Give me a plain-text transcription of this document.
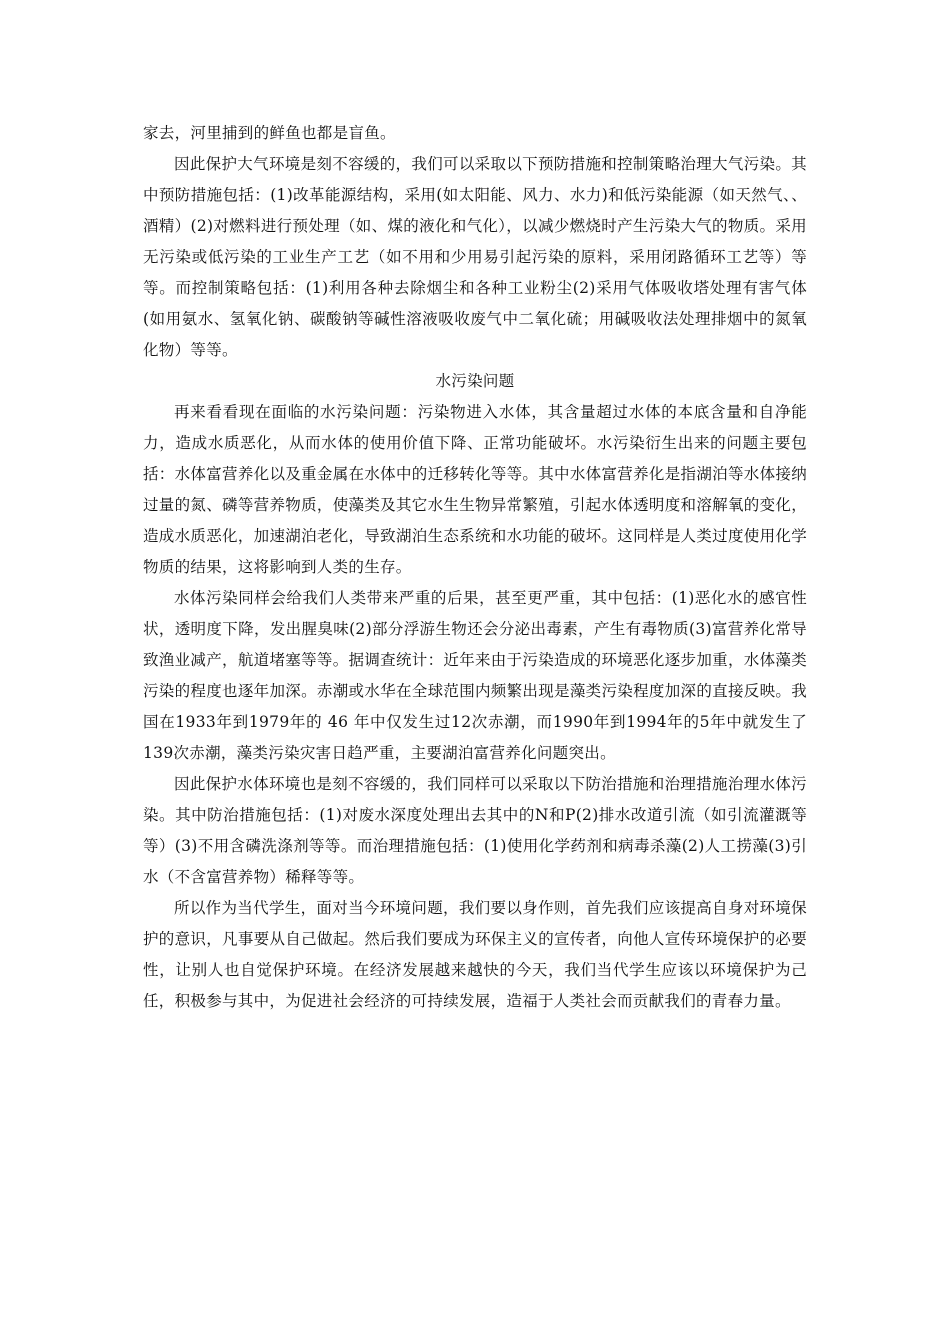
家去，河里捕到的鲜鱼也都是盲鱼。

因此保护大气环境是刻不容缓的，我们可以采取以下预防措施和控制策略治理大气污染。其中预防措施包括：(1)改革能源结构，采用(如太阳能、风力、水力)和低污染能源（如天然气、、酒精）(2)对燃料进行预处理（如、煤的液化和气化），以减少燃烧时产生污染大气的物质。采用无污染或低污染的工业生产工艺（如不用和少用易引起污染的原料，采用闭路循环工艺等）等等。而控制策略包括：(1)利用各种去除烟尘和各种工业粉尘(2)采用气体吸收塔处理有害气体(如用氨水、氢氧化钠、碳酸钠等碱性溶液吸收废气中二氧化硫；用碱吸收法处理排烟中的氮氧化物）等等。

水污染问题

再来看看现在面临的水污染问题：污染物进入水体，其含量超过水体的本底含量和自净能力，造成水质恶化，从而水体的使用价值下降、正常功能破坏。水污染衍生出来的问题主要包括：水体富营养化以及重金属在水体中的迁移转化等等。其中水体富营养化是指湖泊等水体接纳过量的氮、磷等营养物质，使藻类及其它水生生物异常繁殖，引起水体透明度和溶解氧的变化，造成水质恶化，加速湖泊老化，导致湖泊生态系统和水功能的破坏。这同样是人类过度使用化学物质的结果，这将影响到人类的生存。

水体污染同样会给我们人类带来严重的后果，甚至更严重，其中包括：(1)恶化水的感官性状，透明度下降，发出腥臭味(2)部分浮游生物还会分泌出毒素，产生有毒物质(3)富营养化常导致渔业减产，航道堵塞等等。据调查统计：近年来由于污染造成的环境恶化逐步加重，水体藻类污染的程度也逐年加深。赤潮或水华在全球范围内频繁出现是藻类污染程度加深的直接反映。我国在1933年到1979年的 46 年中仅发生过12次赤潮，而1990年到1994年的5年中就发生了139次赤潮，藻类污染灾害日趋严重，主要湖泊富营养化问题突出。

因此保护水体环境也是刻不容缓的，我们同样可以采取以下防治措施和治理措施治理水体污染。其中防治措施包括：(1)对废水深度处理出去其中的N和P(2)排水改道引流（如引流灌溉等等）(3)不用含磷洗涤剂等等。而治理措施包括：(1)使用化学药剂和病毒杀藻(2)人工捞藻(3)引水（不含富营养物）稀释等等。

所以作为当代学生，面对当今环境问题，我们要以身作则，首先我们应该提高自身对环境保护的意识，凡事要从自己做起。然后我们要成为环保主义的宣传者，向他人宣传环境保护的必要性，让别人也自觉保护环境。在经济发展越来越快的今天，我们当代学生应该以环境保护为己任，积极参与其中，为促进社会经济的可持续发展，造福于人类社会而贡献我们的青春力量。
